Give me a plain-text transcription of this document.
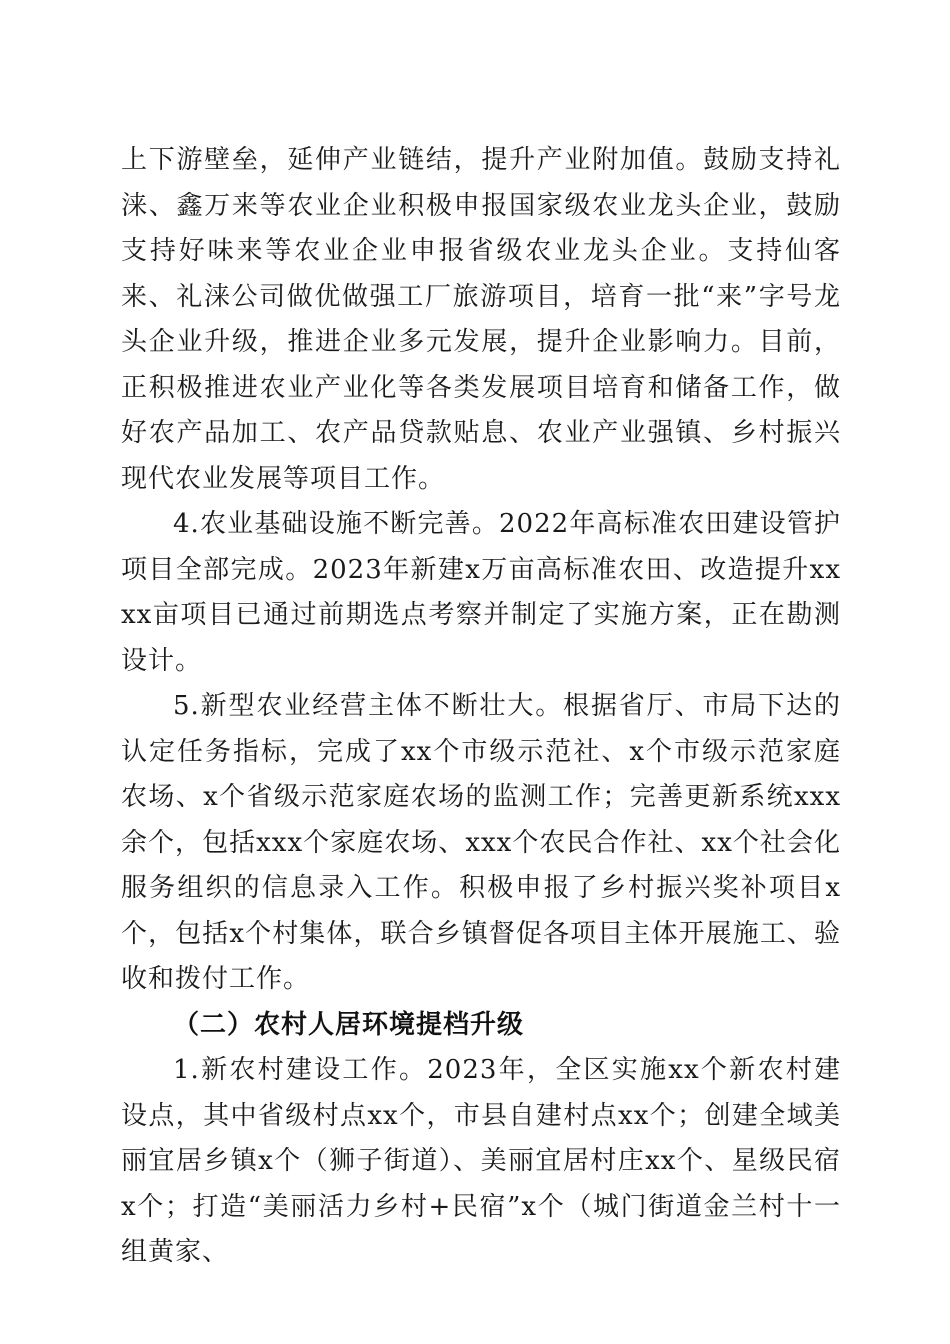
上下游壁垒，延伸产业链结，提升产业附加值。鼓励支持礼涞、鑫万来等农业企业积极申报国家级农业龙头企业，鼓励支持好味来等农业企业申报省级农业龙头企业。支持仙客来、礼涞公司做优做强工厂旅游项目，培育一批“来”字号龙头企业升级，推进企业多元发展，提升企业影响力。目前，正积极推进农业产业化等各类发展项目培育和储备工作，做好农产品加工、农产品贷款贴息、农业产业强镇、乡村振兴现代农业发展等项目工作。

4.农业基础设施不断完善。2022年高标准农田建设管护项目全部完成。2023年新建x万亩高标准农田、改造提升xxxx亩项目已通过前期选点考察并制定了实施方案，正在勘测设计。

5.新型农业经营主体不断壮大。根据省厅、市局下达的认定任务指标，完成了xx个市级示范社、x个市级示范家庭农场、x个省级示范家庭农场的监测工作；完善更新系统xxx余个，包括xxx个家庭农场、xxx个农民合作社、xx个社会化服务组织的信息录入工作。积极申报了乡村振兴奖补项目x个，包括x个村集体，联合乡镇督促各项目主体开展施工、验收和拨付工作。

（二）农村人居环境提档升级

1.新农村建设工作。2023年，全区实施xx个新农村建设点，其中省级村点xx个，市县自建村点xx个；创建全域美丽宜居乡镇x个（狮子街道）、美丽宜居村庄xx个、星级民宿x个；打造“美丽活力乡村+民宿”x个（城门街道金兰村十一组黄家、
